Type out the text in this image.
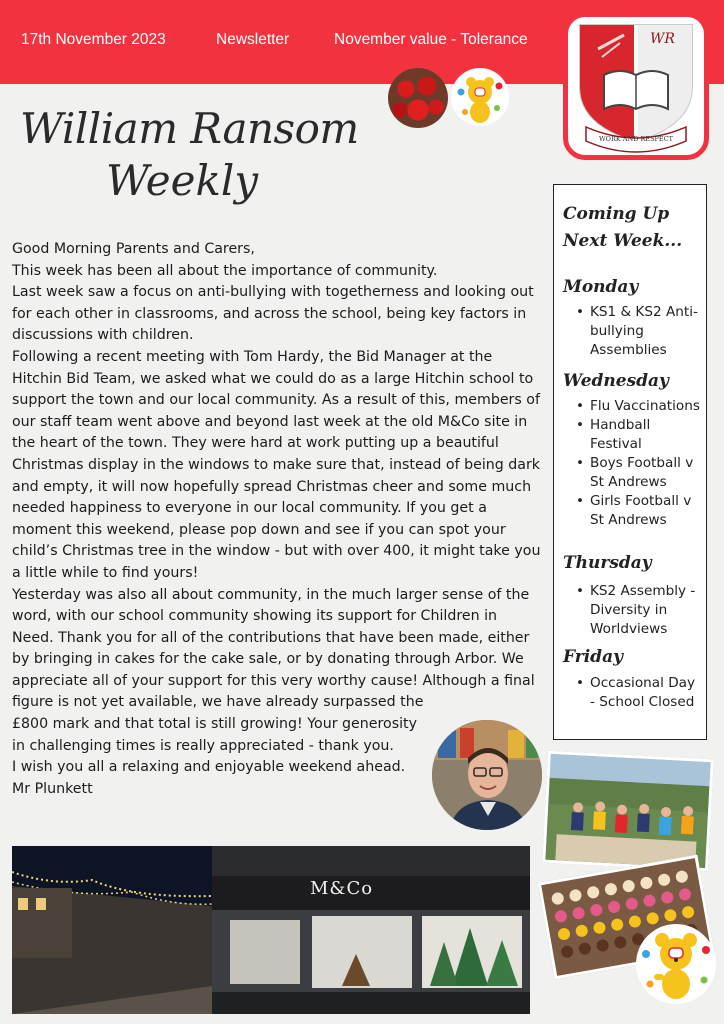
17th November 2023	Newsletter	November value - Tolerance	WR
WORK AND RESPECT
William Ransom
Weekly

Good Morning Parents and Carers,

This week has been all about the importance of community.

Last week saw a focus on anti-bullying with togetherness and looking out for each other in classrooms, and across the school, being key factors in discussions with children.

Following a recent meeting with Tom Hardy, the Bid Manager at the Hitchin Bid Team, we asked what we could do as a large Hitchin school to support the town and our local community. As a result of this, members of our staff team went above and beyond last week at the old M&Co site in the heart of the town. They were hard at work putting up a beautiful Christmas display in the windows to make sure that, instead of being dark and empty, it will now hopefully spread Christmas cheer and some much needed happiness to everyone in our local community. If you get a moment this weekend, please pop down and see if you can spot your child’s Christmas tree in the window - but with over 400, it might take you a little while to find yours!

Yesterday was also all about community, in the much larger sense of the word, with our school community showing its support for Children in Need. Thank you for all of the contributions that have been made, either by bringing in cakes for the cake sale, or by donating through Arbor. We appreciate all of your support for this very worthy cause! Although a final figure is not yet available, we have already surpassed the

£800 mark and that total is still growing! Your generosity in challenging times is really appreciated - thank you.

I wish you all a relaxing and enjoyable weekend ahead.

Mr Plunkett

Coming Up Next Week...
Monday
• KS1 & KS2 Anti-bullying Assemblies
Wednesday
• Flu Vaccinations
• Handball Festival
• Boys Football v St Andrews
• Girls Football v St Andrews
Thursday
• KS2 Assembly - Diversity in Worldviews
Friday
• Occasional Day - School Closed
M&Co
